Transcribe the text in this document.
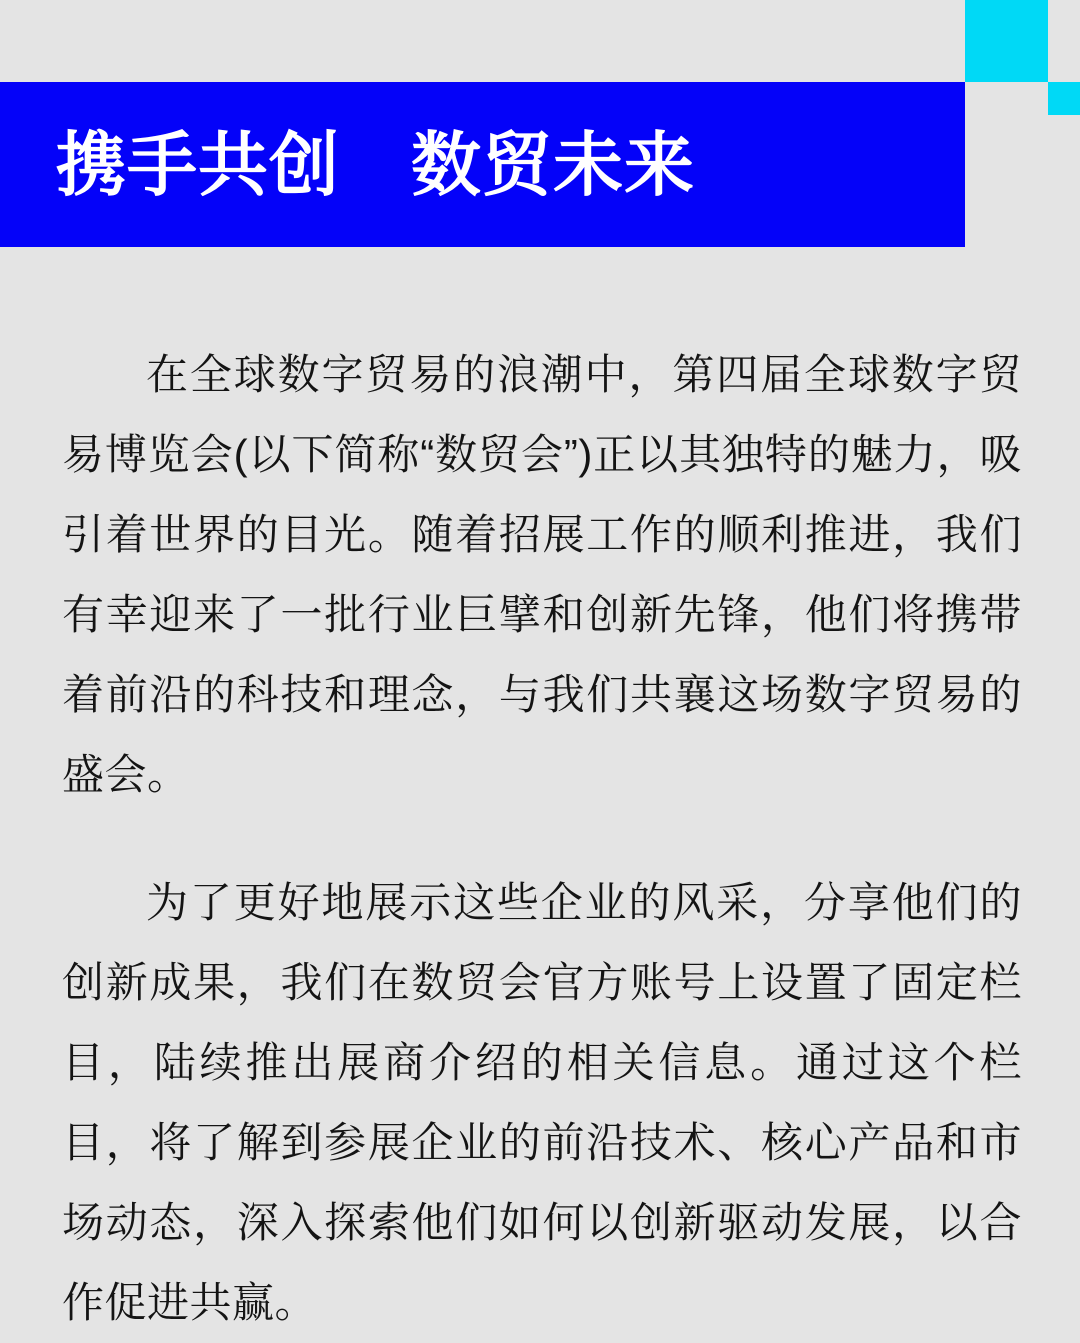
携手共创　数贸未来

在全球数字贸易的浪潮中，第四届全球数字贸易博览会(以下简称“数贸会”)正以其独特的魅力，吸引着世界的目光。随着招展工作的顺利推进，我们有幸迎来了一批行业巨擘和创新先锋，他们将携带着前沿的科技和理念，与我们共襄这场数字贸易的盛会。

为了更好地展示这些企业的风采，分享他们的创新成果，我们在数贸会官方账号上设置了固定栏目，陆续推出展商介绍的相关信息。通过这个栏目，将了解到参展企业的前沿技术、核心产品和市场动态，深入探索他们如何以创新驱动发展，以合作促进共赢。
